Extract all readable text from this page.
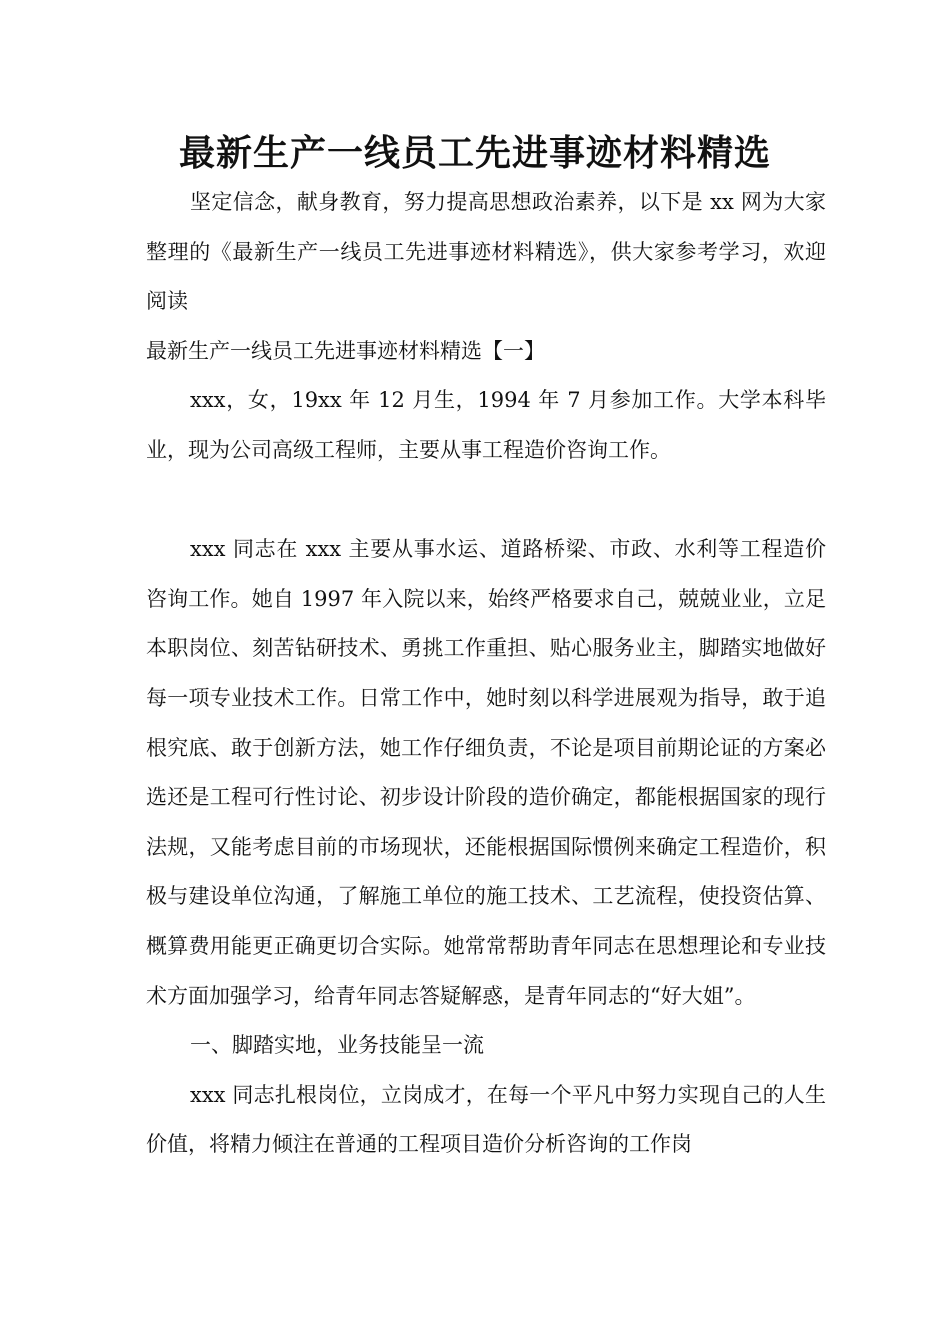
最新生产一线员工先进事迹材料精选

坚定信念，献身教育，努力提高思想政治素养，以下是 xx 网为大家整理的《最新生产一线员工先进事迹材料精选》，供大家参考学习，欢迎阅读

最新生产一线员工先进事迹材料精选【一】

xxx，女，19xx 年 12 月生，1994 年 7 月参加工作。大学本科毕业，现为公司高级工程师，主要从事工程造价咨询工作。

xxx 同志在 xxx 主要从事水运、道路桥梁、市政、水利等工程造价咨询工作。她自 1997 年入院以来，始终严格要求自己，兢兢业业，立足本职岗位、刻苦钻研技术、勇挑工作重担、贴心服务业主，脚踏实地做好每一项专业技术工作。日常工作中，她时刻以科学进展观为指导，敢于追根究底、敢于创新方法，她工作仔细负责，不论是项目前期论证的方案必选还是工程可行性讨论、初步设计阶段的造价确定，都能根据国家的现行法规，又能考虑目前的市场现状，还能根据国际惯例来确定工程造价，积极与建设单位沟通，了解施工单位的施工技术、工艺流程，使投资估算、概算费用能更正确更切合实际。她常常帮助青年同志在思想理论和专业技术方面加强学习，给青年同志答疑解惑，是青年同志的“好大姐”。

一、脚踏实地，业务技能呈一流

xxx 同志扎根岗位，立岗成才，在每一个平凡中努力实现自己的人生价值，将精力倾注在普通的工程项目造价分析咨询的工作岗
